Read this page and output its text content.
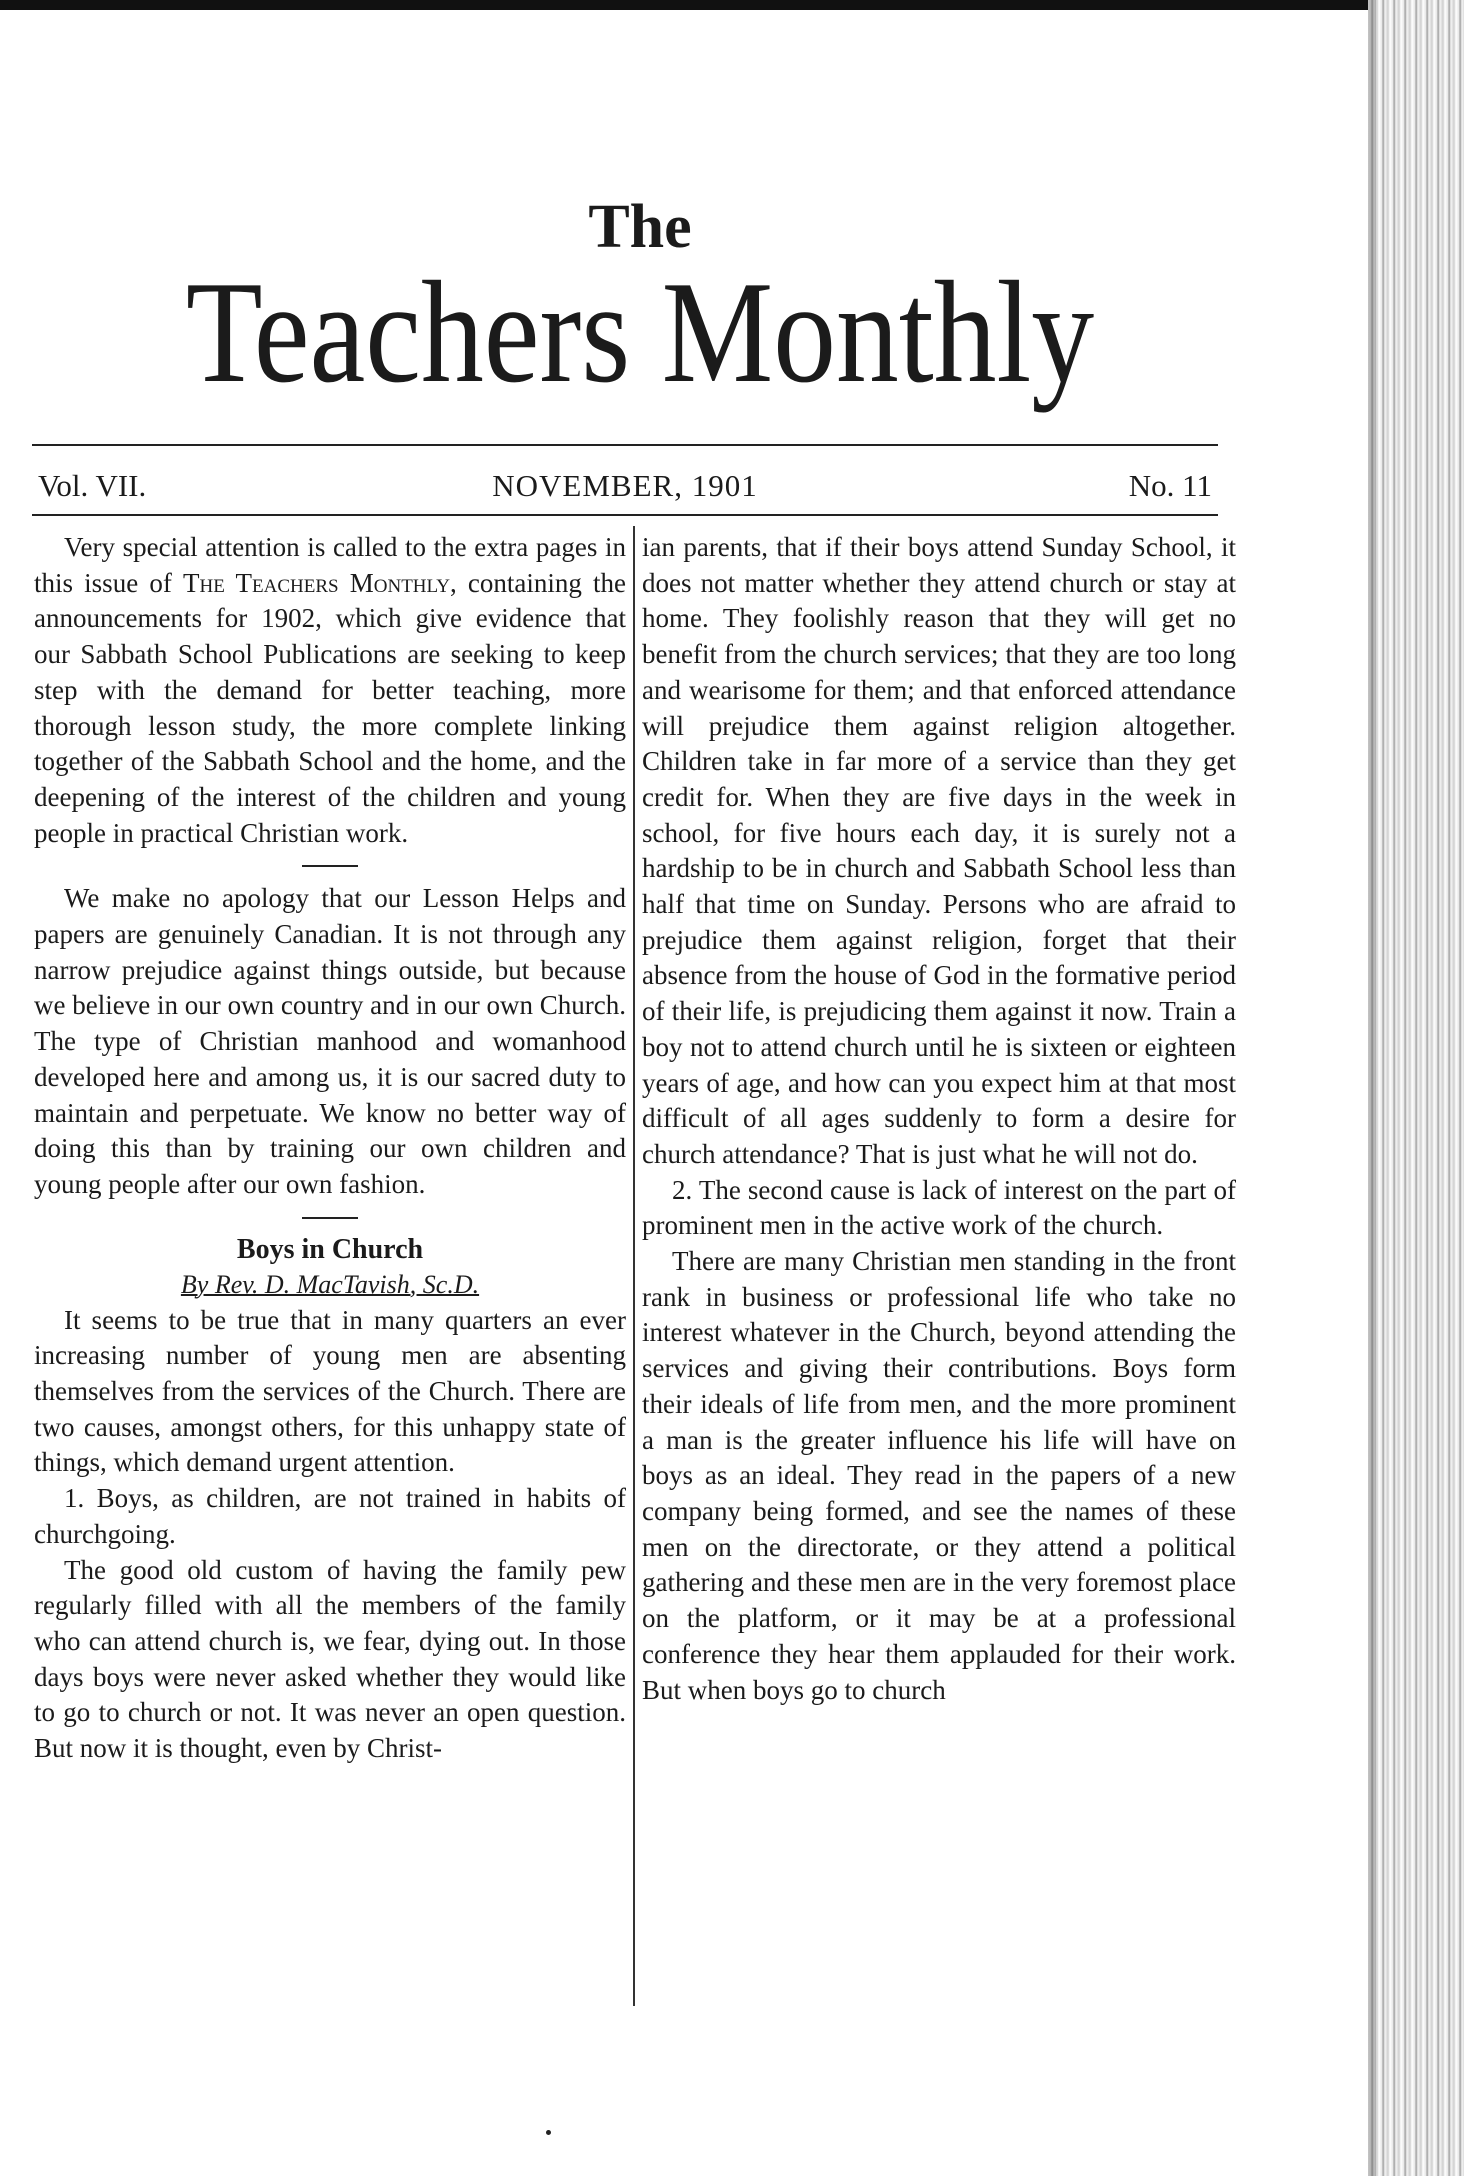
The
Teachers Monthly
Vol. VII.	NOVEMBER, 1901	No. 11

Very special attention is called to the extra pages in this issue of The Teachers Monthly, containing the announcements for 1902, which give evidence that our Sabbath School Publications are seeking to keep step with the demand for better teaching, more thorough lesson study, the more complete linking together of the Sabbath School and the home, and the deepening of the interest of the children and young people in practical Christian work.

We make no apology that our Lesson Helps and papers are genuinely Canadian. It is not through any narrow prejudice against things outside, but because we believe in our own country and in our own Church. The type of Christian manhood and womanhood developed here and among us, it is our sacred duty to maintain and perpetuate. We know no better way of doing this than by training our own children and young people after our own fashion.

Boys in Church

By Rev. D. MacTavish, Sc.D.

It seems to be true that in many quarters an ever increasing number of young men are absenting themselves from the services of the Church. There are two causes, amongst others, for this unhappy state of things, which demand urgent attention.

1. Boys, as children, are not trained in habits of churchgoing.

The good old custom of having the family pew regularly filled with all the members of the family who can attend church is, we fear, dying out. In those days boys were never asked whether they would like to go to church or not. It was never an open question. But now it is thought, even by Christ-

ian parents, that if their boys attend Sunday School, it does not matter whether they attend church or stay at home. They foolishly reason that they will get no benefit from the church services; that they are too long and wearisome for them; and that enforced attendance will prejudice them against religion altogether. Children take in far more of a service than they get credit for. When they are five days in the week in school, for five hours each day, it is surely not a hardship to be in church and Sabbath School less than half that time on Sunday. Persons who are afraid to prejudice them against religion, forget that their absence from the house of God in the formative period of their life, is prejudicing them against it now. Train a boy not to attend church until he is sixteen or eighteen years of age, and how can you expect him at that most difficult of all ages suddenly to form a desire for church attendance? That is just what he will not do.

2. The second cause is lack of interest on the part of prominent men in the active work of the church.

There are many Christian men standing in the front rank in business or professional life who take no interest whatever in the Church, beyond attending the services and giving their contributions. Boys form their ideals of life from men, and the more prominent a man is the greater influence his life will have on boys as an ideal. They read in the papers of a new company being formed, and see the names of these men on the directorate, or they attend a political gathering and these men are in the very foremost place on the platform, or it may be at a professional conference they hear them applauded for their work. But when boys go to church
